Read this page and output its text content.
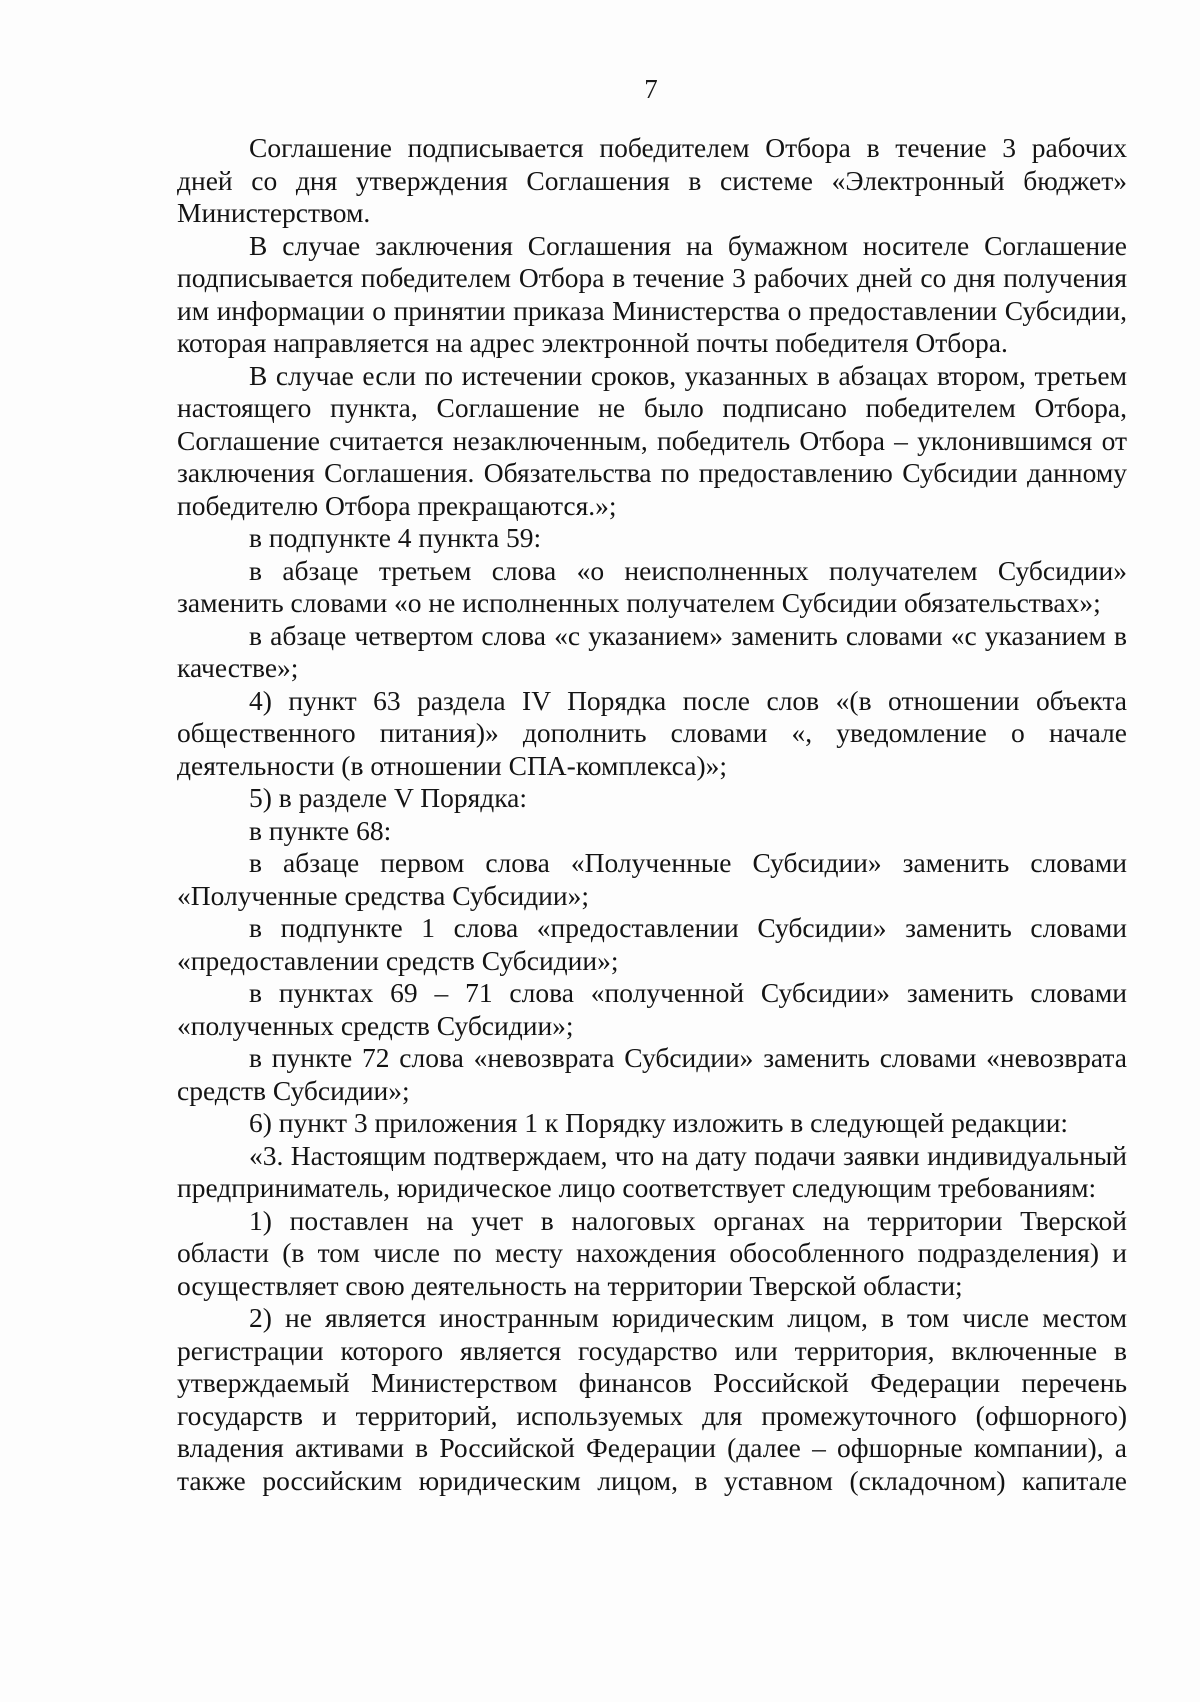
7

Соглашение подписывается победителем Отбора в течение 3 рабочих дней со дня утверждения Соглашения в системе «Электронный бюджет» Министерством.

В случае заключения Соглашения на бумажном носителе Соглашение подписывается победителем Отбора в течение 3 рабочих дней со дня получения им информации о принятии приказа Министерства о предоставлении Субсидии, которая направляется на адрес электронной почты победителя Отбора.

В случае если по истечении сроков, указанных в абзацах втором, третьем настоящего пункта, Соглашение не было подписано победителем Отбора, Соглашение считается незаключенным, победитель Отбора – уклонившимся от заключения Соглашения. Обязательства по предоставлению Субсидии данному победителю Отбора прекращаются.»;

в подпункте 4 пункта 59:

в абзаце третьем слова «о неисполненных получателем Субсидии» заменить словами «о не исполненных получателем Субсидии обязательствах»;

в абзаце четвертом слова «с указанием» заменить словами «с указанием в качестве»;

4) пункт 63 раздела IV Порядка после слов «(в отношении объекта общественного питания)» дополнить словами «, уведомление о начале деятельности (в отношении СПА-комплекса)»;

5) в разделе V Порядка:

в пункте 68:

в абзаце первом слова «Полученные Субсидии» заменить словами «Полученные средства Субсидии»;

в подпункте 1 слова «предоставлении Субсидии» заменить словами «предоставлении средств Субсидии»;

в пунктах 69 – 71 слова «полученной Субсидии» заменить словами «полученных средств Субсидии»;

в пункте 72 слова «невозврата Субсидии» заменить словами «невозврата средств Субсидии»;

6) пункт 3 приложения 1 к Порядку изложить в следующей редакции:

«3. Настоящим подтверждаем, что на дату подачи заявки индивидуальный предприниматель, юридическое лицо соответствует следующим требованиям:

1) поставлен на учет в налоговых органах на территории Тверской области (в том числе по месту нахождения обособленного подразделения) и осуществляет свою деятельность на территории Тверской области;

2) не является иностранным юридическим лицом, в том числе местом регистрации которого является государство или территория, включенные в утверждаемый Министерством финансов Российской Федерации перечень государств и территорий, используемых для промежуточного (офшорного) владения активами в Российской Федерации (далее – офшорные компании), а также российским юридическим лицом, в уставном (складочном) капитале
